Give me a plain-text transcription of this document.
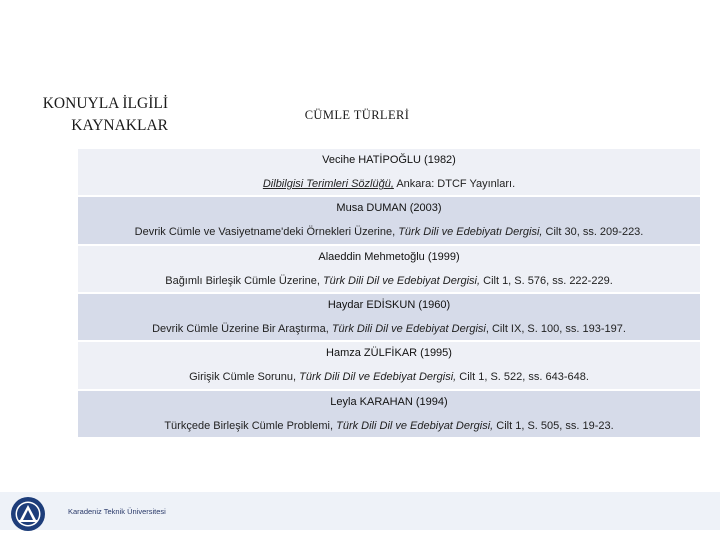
KONUYLA İLGİLİ
KAYNAKLAR
CÜMLE TÜRLERİ
Vecihe HATİPOĞLU (1982)
Dilbilgisi Terimleri Sözlüğü, Ankara: DTCF Yayınları.
Musa DUMAN (2003)
Devrik Cümle ve Vasiyetname'deki Örnekleri Üzerine, Türk Dili ve Edebiyatı Dergisi, Cilt 30, ss. 209-223.
Alaeddin Mehmetoğlu (1999)
Bağımlı Birleşik Cümle Üzerine, Türk Dili Dil ve Edebiyat Dergisi, Cilt 1, S. 576, ss. 222-229.
Haydar EDİSKUN (1960)
Devrik Cümle Üzerine Bir Araştırma, Türk Dili Dil ve Edebiyat Dergisi, Cilt IX, S. 100, ss. 193-197.
Hamza ZÜLFİKAR (1995)
Girişik Cümle Sorunu, Türk Dili Dil ve Edebiyat Dergisi, Cilt 1, S. 522, ss. 643-648.
Leyla KARAHAN (1994)
Türkçede Birleşik Cümle Problemi, Türk Dili Dil ve Edebiyat Dergisi, Cilt 1, S. 505, ss. 19-23.
Karadeniz Teknik Üniversitesi
